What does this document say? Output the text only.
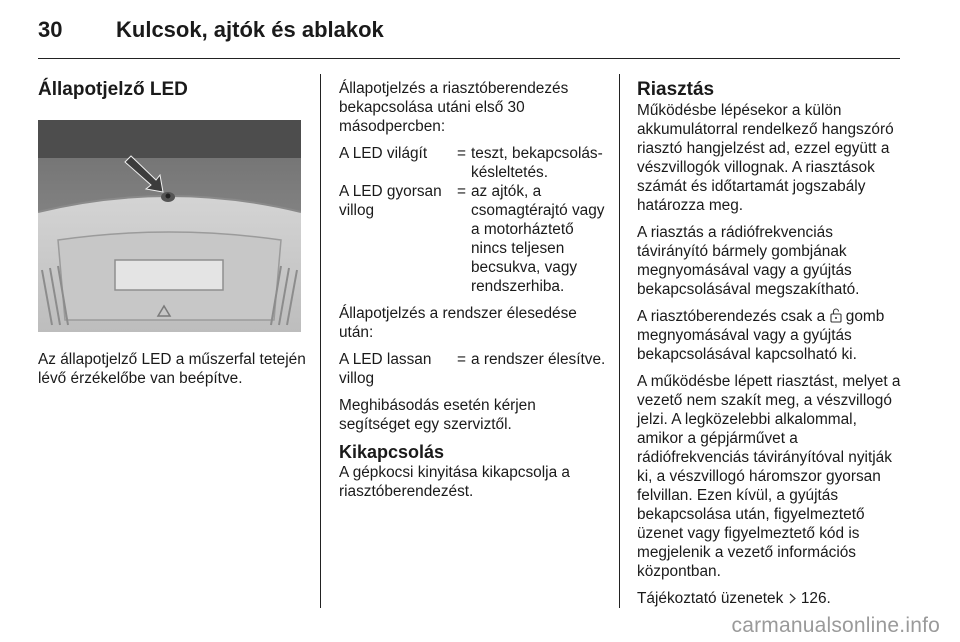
30 Kulcsok, ajtók és ablakok
Állapotjelző LED

Az állapotjelző LED a műszerfal tetején lévő érzékelőbe van beépítve.

Állapotjelzés a riasztóberendezés bekapcsolása utáni első 30 másodpercben:

A LED világít	= teszt, bekapcsolás-késleltetés.
A LED gyorsan villog
= az ajtók, a csomagtérajtó vagy a motorháztető nincs teljesen becsukva, vagy rendszerhiba.

Állapotjelzés a rendszer élesedése után:

A LED lassan villog
= a rendszer élesítve.

Meghibásodás esetén kérjen segítséget egy szerviztől.

Kikapcsolás

A gépkocsi kinyitása kikapcsolja a riasztóberendezést.

Riasztás

Működésbe lépésekor a külön akkumulátorral rendelkező hangszóró riasztó hangjelzést ad, ezzel együtt a vészvillogók villognak. A riasztások számát és időtartamát jogszabály határozza meg.

A riasztás a rádiófrekvenciás távirányító bármely gombjának megnyomásával vagy a gyújtás bekapcsolásával megszakítható.

A riasztóberendezés csak a gomb megnyomásával vagy a gyújtás bekapcsolásával kapcsolható ki.

A működésbe lépett riasztást, melyet a vezető nem szakít meg, a vészvillogó jelzi. A legközelebbi alkalommal, amikor a gépjárművet a rádiófrekvenciás távirányítóval nyitják ki, a vészvillogó háromszor gyorsan felvillan. Ezen kívül, a gyújtás bekapcsolása után, figyelmeztető üzenet vagy figyelmeztető kód is megjelenik a vezető információs központban.

Tájékoztató üzenetek 126.

carmanualsonline.info
